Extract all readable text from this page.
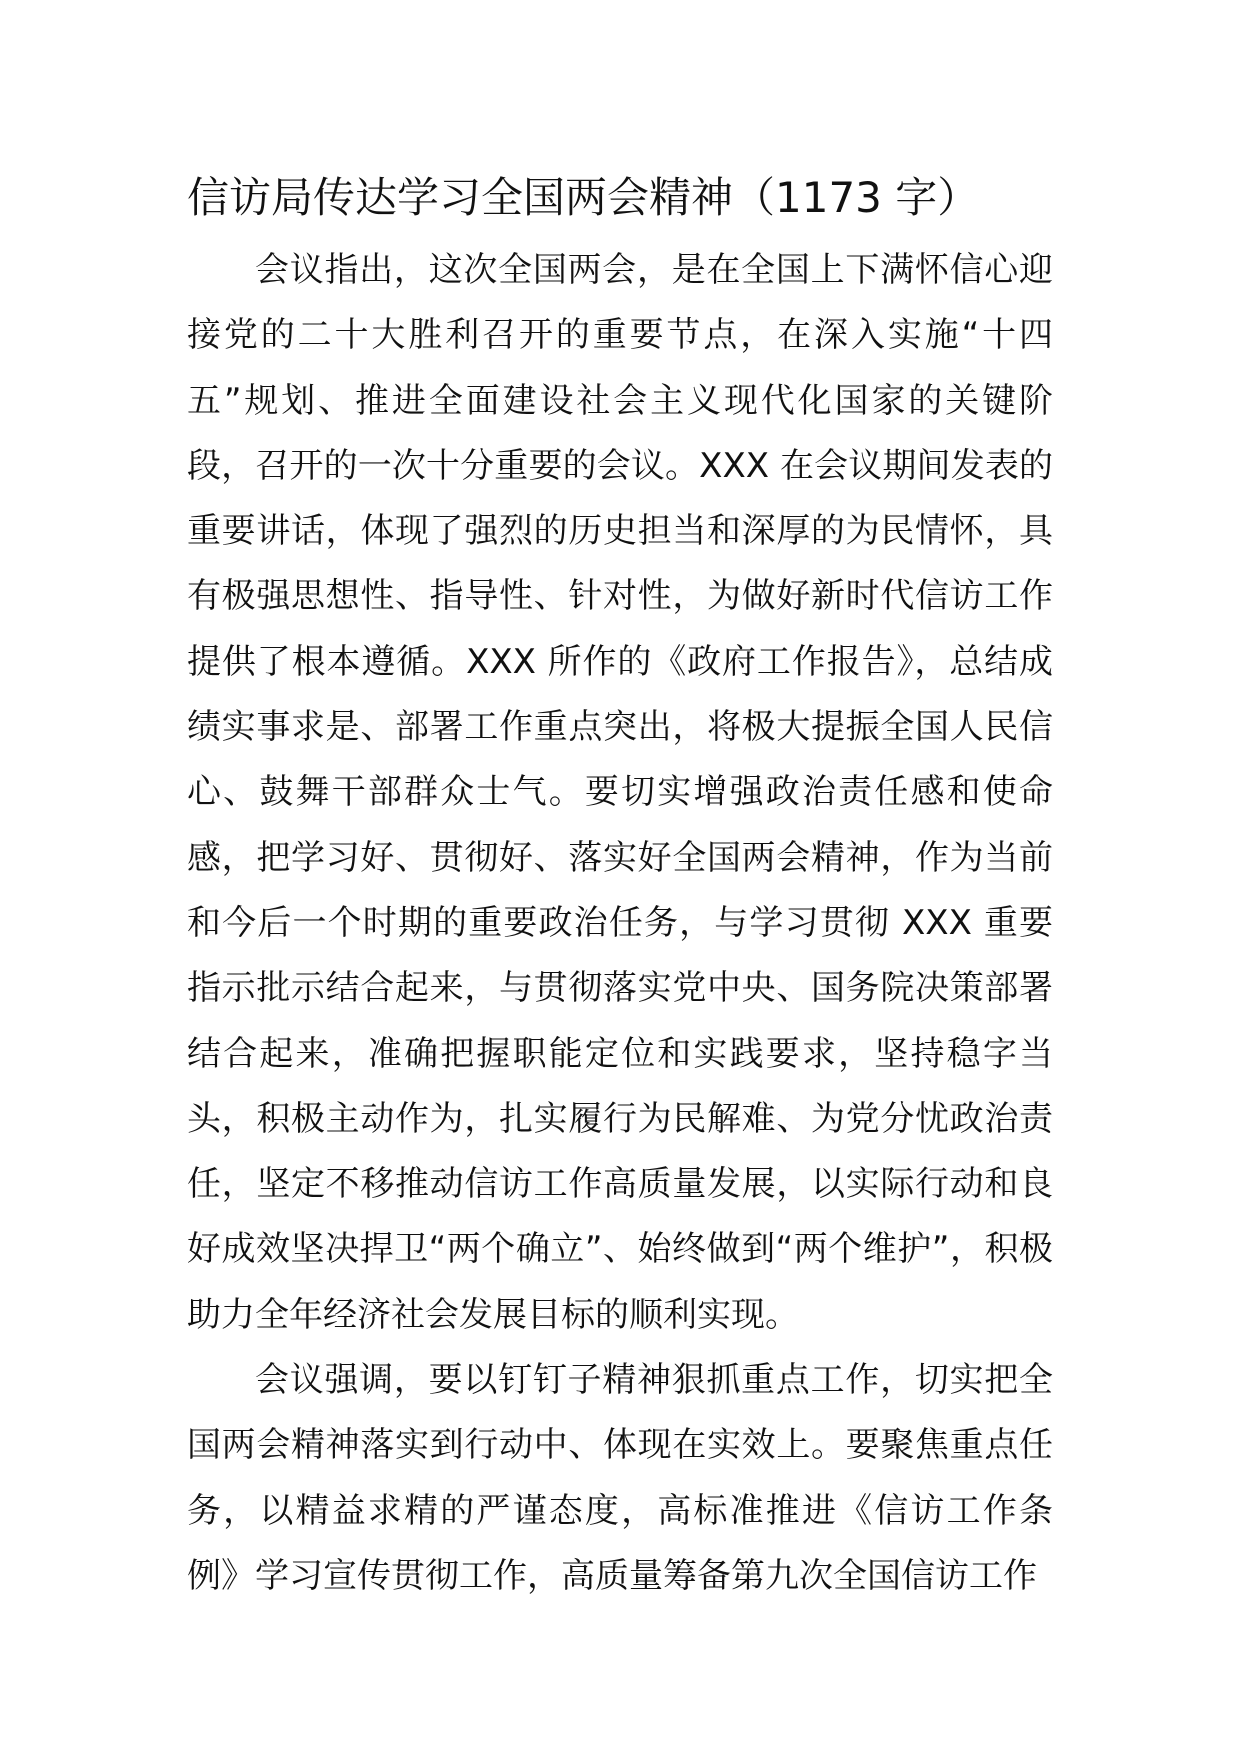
信访局传达学习全国两会精神（1173 字）

会议指出，这次全国两会，是在全国上下满怀信心迎接党的二十大胜利召开的重要节点，在深入实施“十四五”规划、推进全面建设社会主义现代化国家的关键阶段，召开的一次十分重要的会议。XXX 在会议期间发表的重要讲话，体现了强烈的历史担当和深厚的为民情怀，具有极强思想性、指导性、针对性，为做好新时代信访工作提供了根本遵循。XXX 所作的《政府工作报告》，总结成绩实事求是、部署工作重点突出，将极大提振全国人民信心、鼓舞干部群众士气。要切实增强政治责任感和使命感，把学习好、贯彻好、落实好全国两会精神，作为当前和今后一个时期的重要政治任务，与学习贯彻 XXX 重要指示批示结合起来，与贯彻落实党中央、国务院决策部署结合起来，准确把握职能定位和实践要求，坚持稳字当头，积极主动作为，扎实履行为民解难、为党分忧政治责任，坚定不移推动信访工作高质量发展，以实际行动和良好成效坚决捍卫“两个确立”、始终做到“两个维护”，积极助力全年经济社会发展目标的顺利实现。

会议强调，要以钉钉子精神狠抓重点工作，切实把全国两会精神落实到行动中、体现在实效上。要聚焦重点任务，以精益求精的严谨态度，高标准推进《信访工作条例》学习宣传贯彻工作，高质量筹备第九次全国信访工作
